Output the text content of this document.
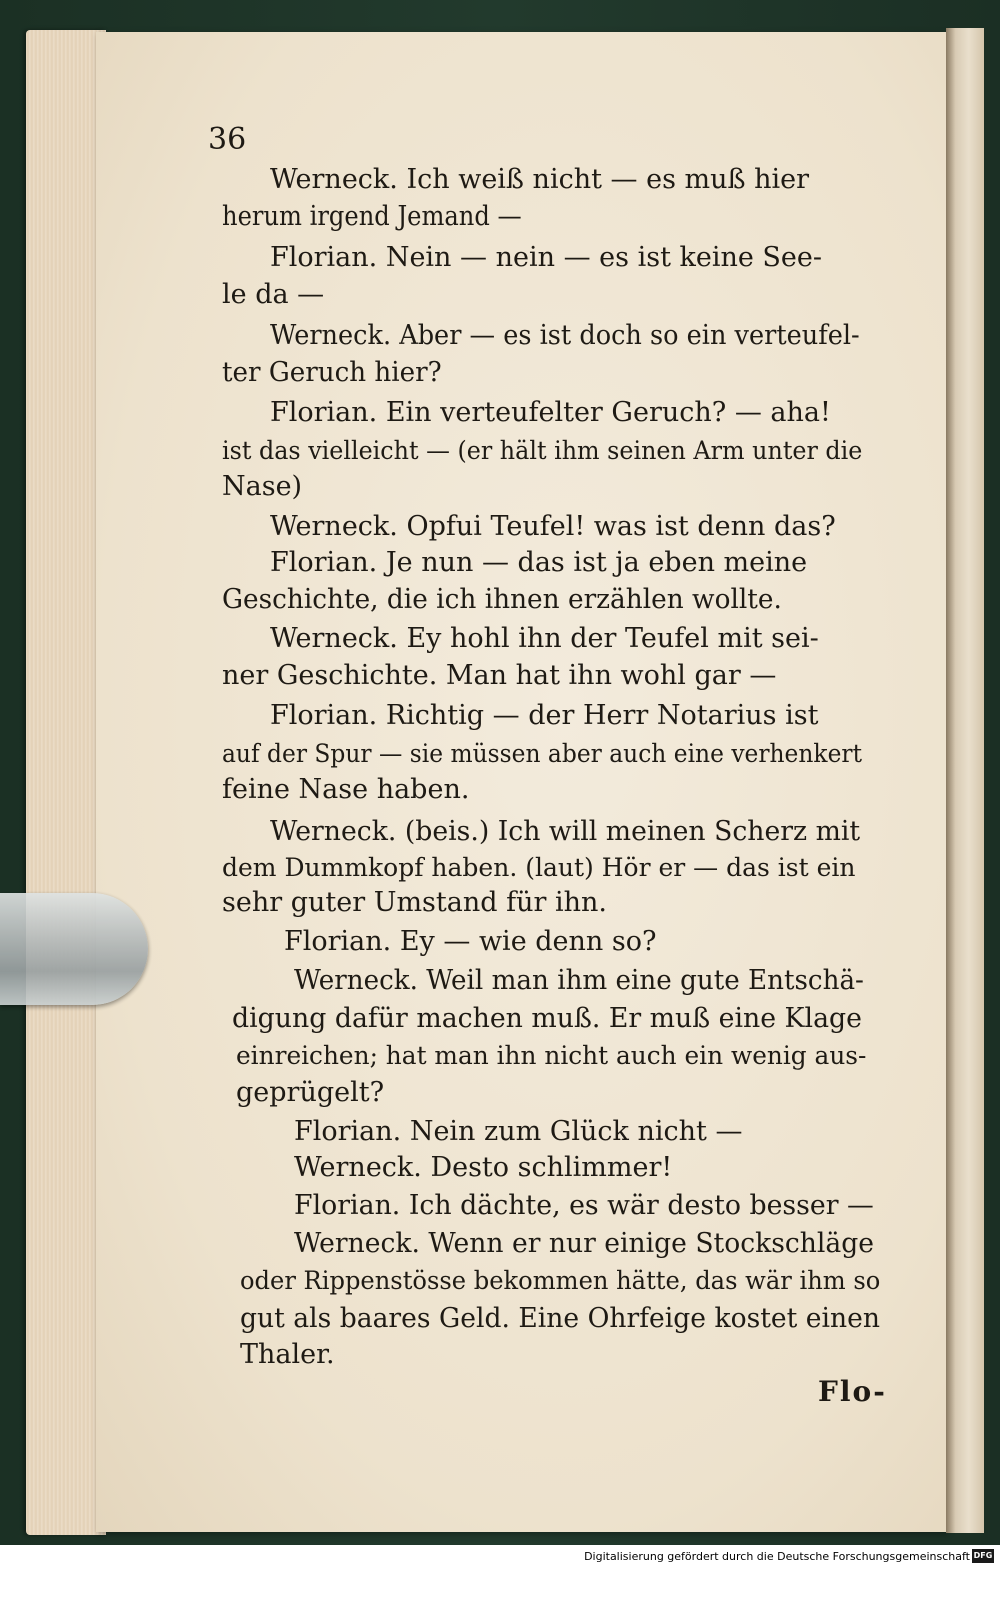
36
Werneck. Ich weiß nicht — es muß hier
herum irgend Jemand —
Florian. Nein — nein — es ist keine See-
le da —
Werneck. Aber — es ist doch so ein verteufel-
ter Geruch hier?
Florian. Ein verteufelter Geruch? — aha!
ist das vielleicht — (er hält ihm seinen Arm unter die
Nase)
Werneck. Opfui Teufel! was ist denn das?
Florian. Je nun — das ist ja eben meine
Geschichte, die ich ihnen erzählen wollte.
Werneck. Ey hohl ihn der Teufel mit sei-
ner Geschichte. Man hat ihn wohl gar —
Florian. Richtig — der Herr Notarius ist
auf der Spur — sie müssen aber auch eine verhenkert
feine Nase haben.
Werneck. (beis.) Ich will meinen Scherz mit
dem Dummkopf haben. (laut) Hör er — das ist ein
sehr guter Umstand für ihn.
Florian. Ey — wie denn so?
Werneck. Weil man ihm eine gute Entschä-
digung dafür machen muß. Er muß eine Klage
einreichen; hat man ihn nicht auch ein wenig aus-
geprügelt?
Florian. Nein zum Glück nicht —
Werneck. Desto schlimmer!
Florian. Ich dächte, es wär desto besser —
Werneck. Wenn er nur einige Stockschläge
oder Rippenstösse bekommen hätte, das wär ihm so
gut als baares Geld. Eine Ohrfeige kostet einen
Thaler.
Flo-
Digitalisierung gefördert durch die Deutsche Forschungsgemeinschaft DFG
